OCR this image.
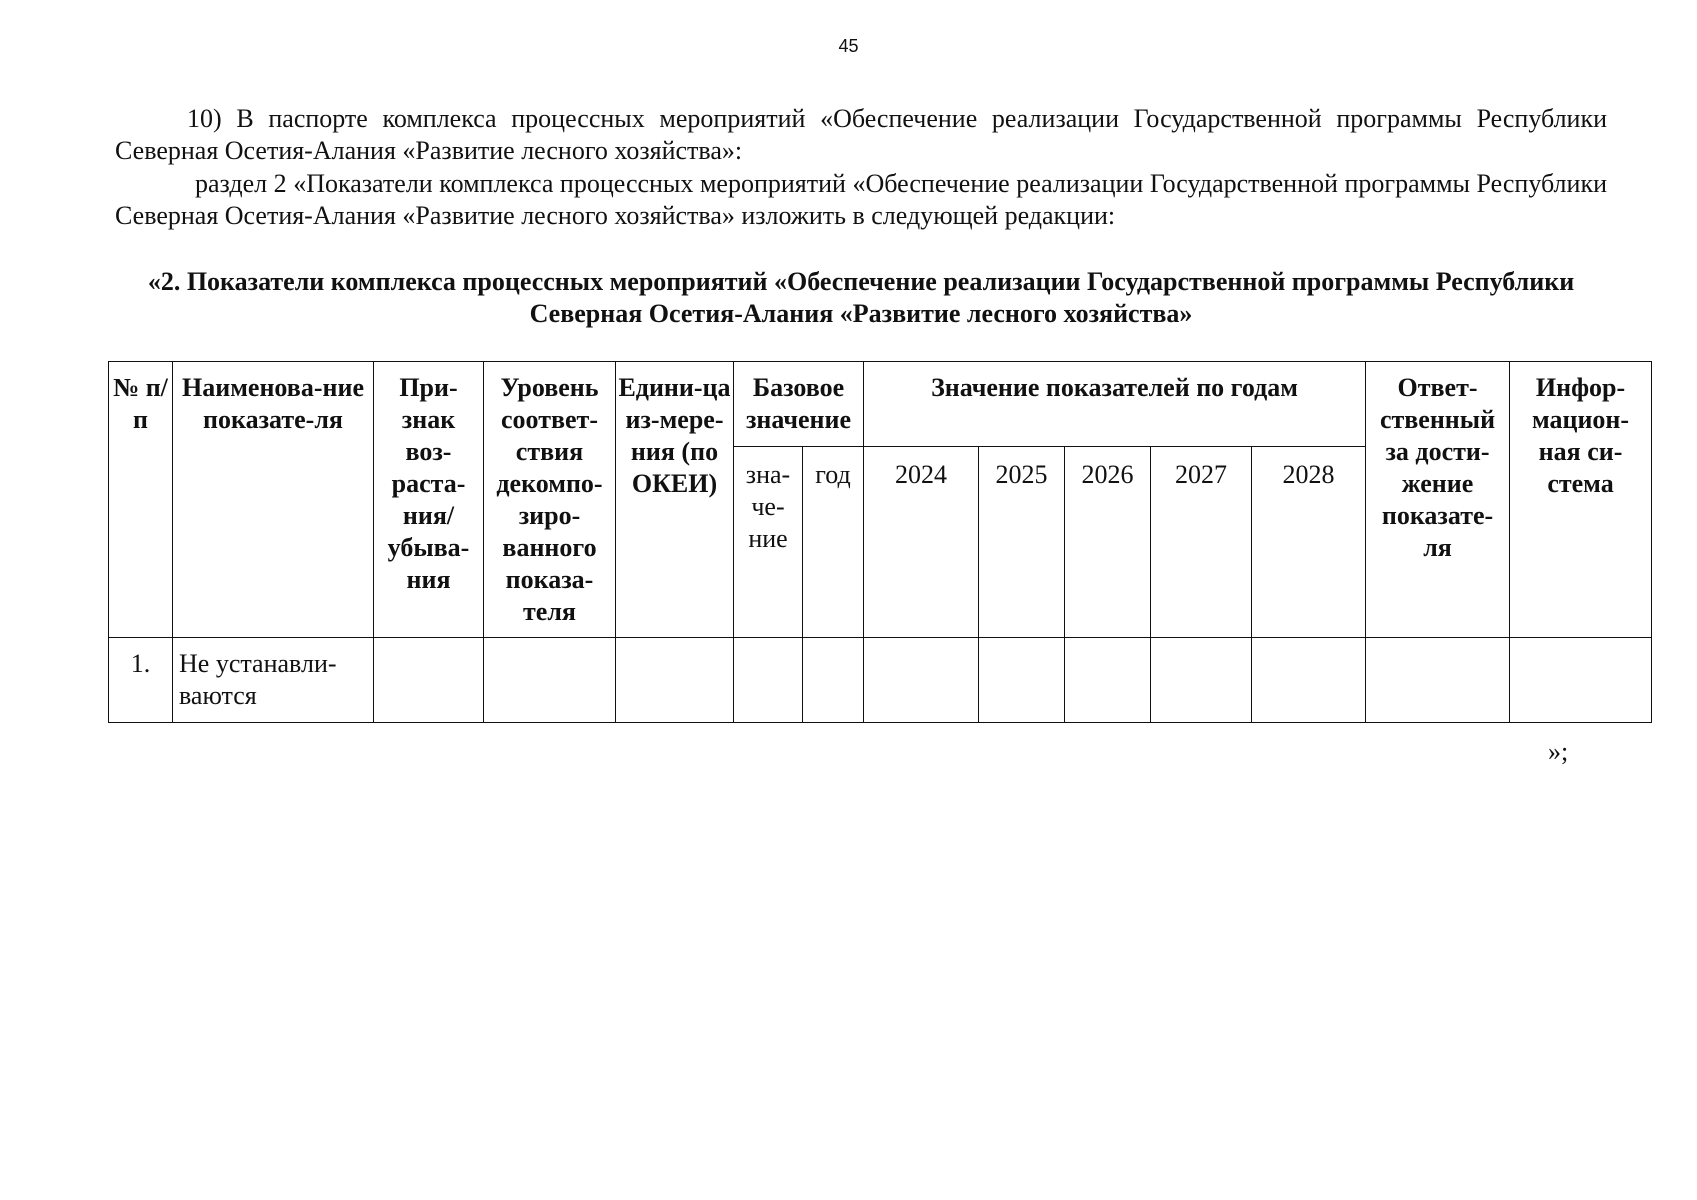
45

10) В паспорте комплекса процессных мероприятий «Обеспечение реализации Государственной программы Республики Северная Осетия-Алания «Развитие лесного хозяйства»:

раздел 2 «Показатели комплекса процессных мероприятий «Обеспечение реализации Государственной программы Республики Северная Осетия-Алания «Развитие лесного хозяйства» изложить в следующей редакции:

«2. Показатели комплекса процессных мероприятий «Обеспечение реализации Государственной программы Республики Северная Осетия-Алания «Развитие лесного хозяйства»
№ п/п	Наименова-ние показате-ля	При-знак воз-раста-ния/ убыва-ния	Уровень соответ-ствия декомпо-зиро-ванного показа-теля	Едини-ца из-мере-ния (по ОКЕИ)	Базовое значение		Значение показателей по годам					Ответ-ственный за дости-жение показате-ля	Инфор-мацион-ная си-стема
					зна-че-ние	год	2024	2025	2026	2027	2028		
1.	Не устанавли-ваются												
»;
